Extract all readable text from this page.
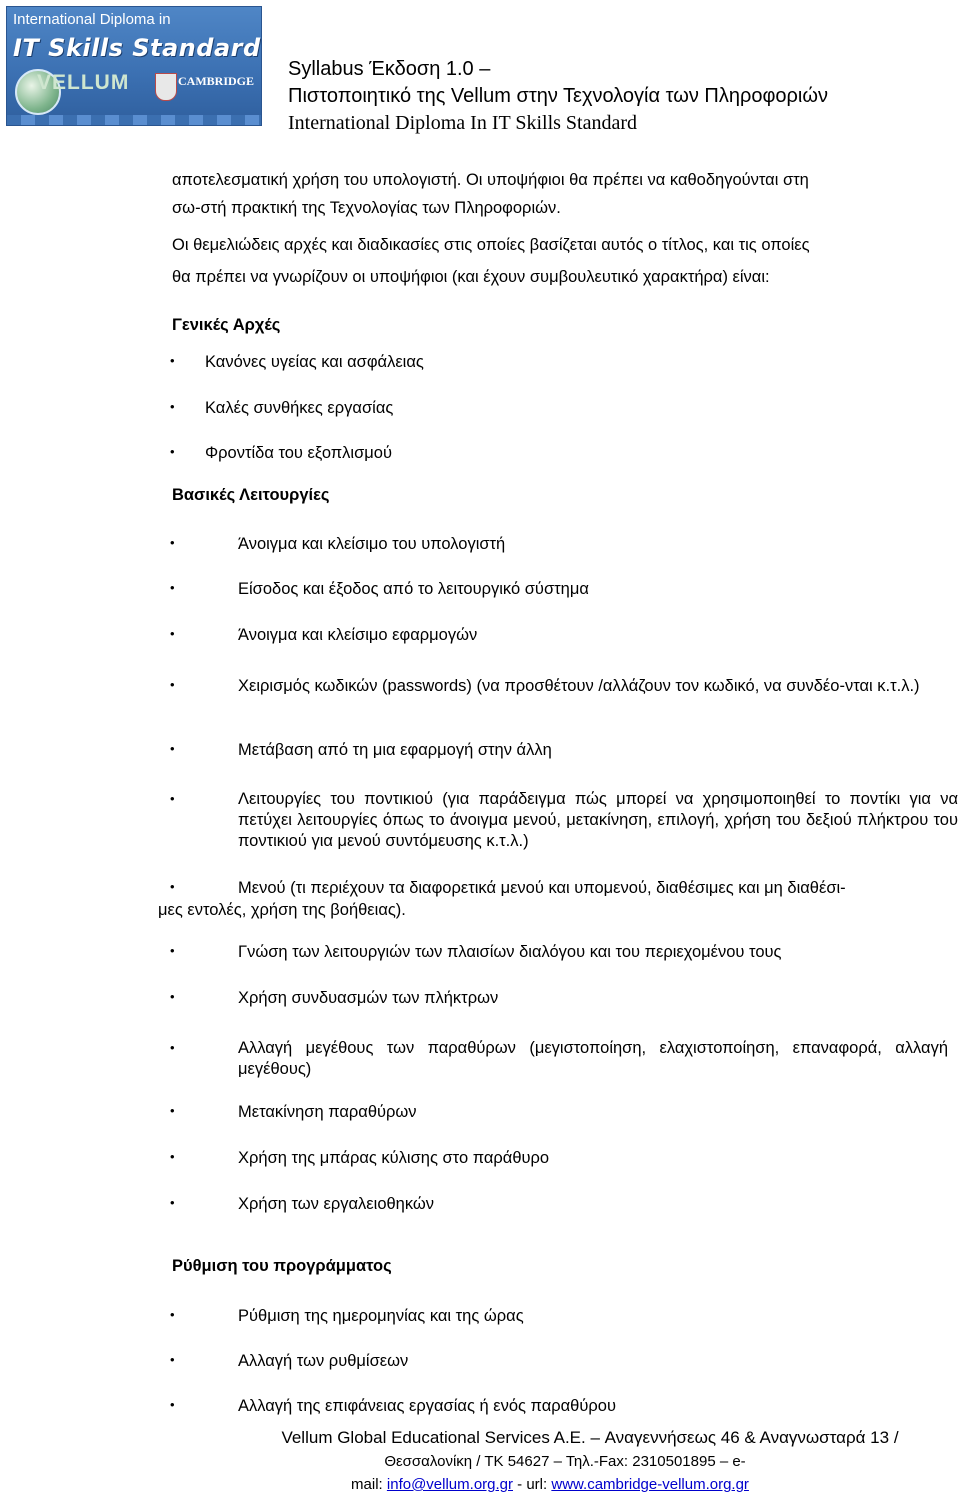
International Diploma in
IT Skills Standard
VELLUM	CAMBRIDGE
Syllabus Έκδοση 1.0 –
Πιστοποιητικό της Vellum στην Τεχνολογία των Πληροφοριών
International Diploma In IT Skills Standard
αποτελεσματική χρήση του υπολογιστή. Οι υποψήφιοι θα πρέπει να καθοδηγούνται στη
σω-στή πρακτική της Τεχνολογίας των Πληροφοριών.
Οι θεμελιώδεις αρχές και διαδικασίες στις οποίες βασίζεται αυτός ο τίτλος, και τις οποίες
θα πρέπει να γνωρίζουν οι υποψήφιοι (και έχουν συμβουλευτικό χαρακτήρα) είναι:
Γενικές Αρχές
• Κανόνες υγείας και ασφάλειας
• Καλές συνθήκες εργασίας
• Φροντίδα του εξοπλισμού
Βασικές Λειτουργίες
•	Άνοιγμα και κλείσιμο του υπολογιστή
•	Είσοδος και έξοδος από το λειτουργικό σύστημα
•	Άνοιγμα και κλείσιμο εφαρμογών
•	Χειρισμός κωδικών (passwords) (να προσθέτουν /αλλάζουν τον κωδικό, να συνδέο-νται κ.τ.λ.)
•	Μετάβαση από τη μια εφαρμογή στην άλλη
•	Λειτουργίες του ποντικιού (για παράδειγμα πώς μπορεί να χρησιμοποιηθεί το ποντίκι για να πετύχει λειτουργίες όπως το άνοιγμα μενού, μετακίνηση, επιλογή, χρήση του δεξιού πλήκτρου του ποντικιού για μενού συντόμευσης κ.τ.λ.)
•	Μενού (τι περιέχουν τα διαφορετικά μενού και υπομενού, διαθέσιμες και μη διαθέσι-
μες εντολές, χρήση της βοήθειας).
•	Γνώση των λειτουργιών των πλαισίων διαλόγου και του περιεχομένου τους
•	Χρήση συνδυασμών των πλήκτρων
•	Αλλαγή μεγέθους των παραθύρων (μεγιστοποίηση, ελαχιστοποίηση, επαναφορά, αλλαγή μεγέθους)
•	Μετακίνηση παραθύρων
•	Χρήση της μπάρας κύλισης στο παράθυρο
•	Χρήση των εργαλειοθηκών
Ρύθμιση του προγράμματος
•	Ρύθμιση της ημερομηνίας και της ώρας
•	Αλλαγή των ρυθμίσεων
•	Αλλαγή της επιφάνειας εργασίας ή ενός παραθύρου
Vellum Global Educational Services A.E. – Αναγεννήσεως 46 & Αναγνωσταρά 13 /
Θεσσαλονίκη / ΤΚ 54627 – Τηλ.-Fax: 2310501895 – e-
mail: info@vellum.org.gr - url: www.cambridge-vellum.org.gr
